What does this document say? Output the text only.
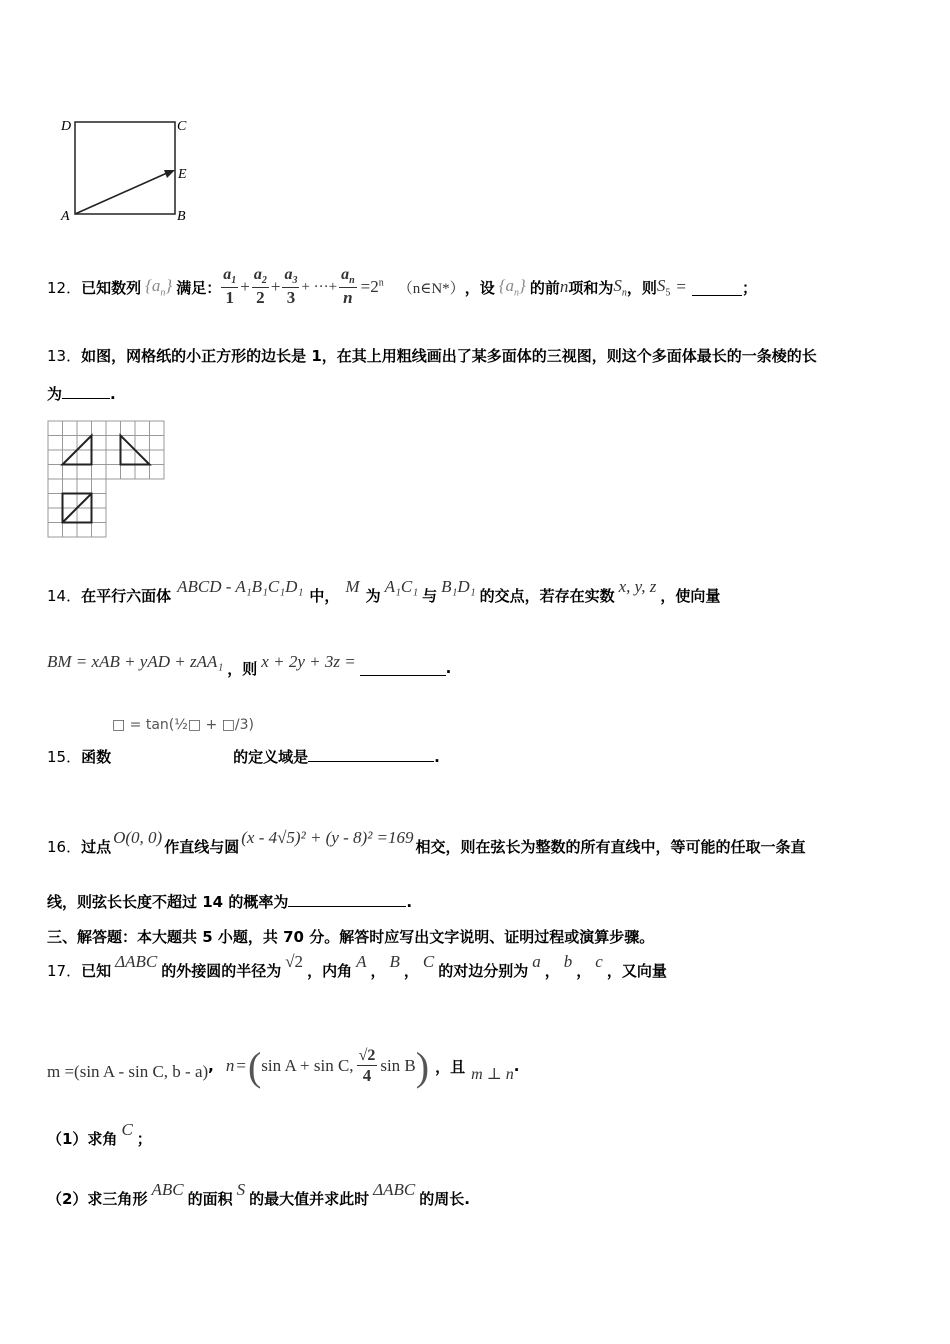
D	C
E
A	B
12． 已知数列 $\{a_n\}$ 满足： $\frac{a_1}{1} + \frac{a_2}{2} + \frac{a_3}{3}$ + ···+ $\frac{a_n}{n} =2^n$ （n∈N*） ，设 $\{a_n\}$ 的前 n 项和为 $S_n$ ，则 $S_5$ =	；
13．如图，网格纸的小正方形的边长是 1，在其上用粗线画出了某多面体的三视图，则这个多面体最长的一条棱的长
为	.
14． 在平行六面体 ABCD - A₁B₁C₁D₁ 中， M 为 A₁C₁ 与 B₁D₁ 的交点，若存在实数 x, y, z ，使向量
BM = xAB + yAD + zAA₁ ，则 x + 2y + 3z =	.
□ = tan(½□ + □/3)
15．函数	的定义域是	.
16． 过点 O(0, 0) 作直线与圆 (x - 4√5)² + (y - 8)² =169 相交，则在弦长为整数的所有直线中，等可能的任取一条直
线，则弦长长度不超过 14 的概率为	.
三、解答题：本大题共 5 小题，共 70 分。解答时应写出文字说明、证明过程或演算步骤。
17． 已知 ΔABC 的外接圆的半径为 √2 ，内角 A ， B ， C 的对边分别为 a ， b ， c ，又向量
m =(sin A - sin C, b - a) , n = ( sin A + sin C, $\frac{√2}{4}$ sin B ) ，且 m ⊥ n .
（1）求角 C ；
（2）求三角形 ABC 的面积 S 的最大值并求此时 ΔABC 的周长.
